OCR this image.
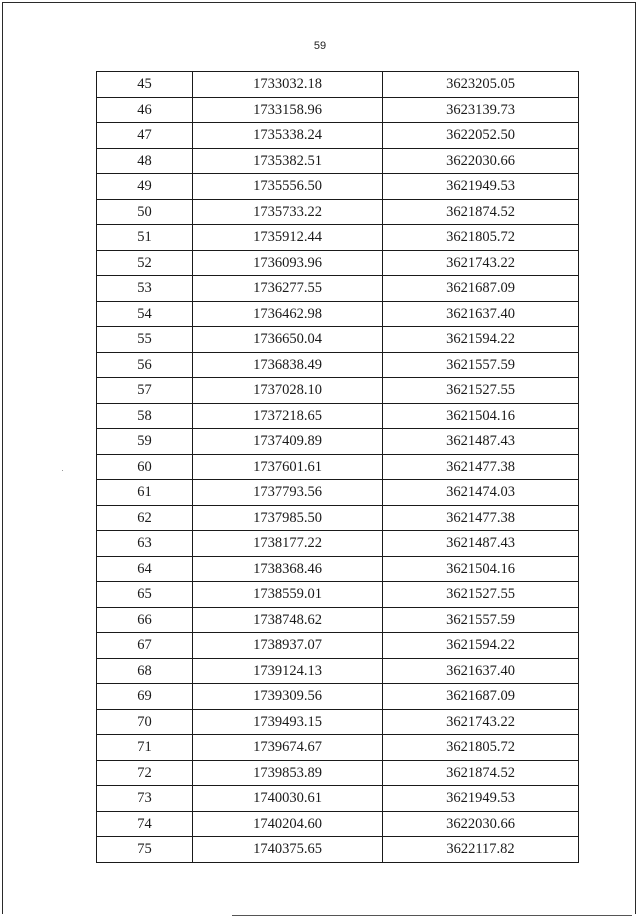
59
45	1733032.18	3623205.05
46	1733158.96	3623139.73
47	1735338.24	3622052.50
48	1735382.51	3622030.66
49	1735556.50	3621949.53
50	1735733.22	3621874.52
51	1735912.44	3621805.72
52	1736093.96	3621743.22
53	1736277.55	3621687.09
54	1736462.98	3621637.40
55	1736650.04	3621594.22
56	1736838.49	3621557.59
57	1737028.10	3621527.55
58	1737218.65	3621504.16
59	1737409.89	3621487.43
60	1737601.61	3621477.38
61	1737793.56	3621474.03
62	1737985.50	3621477.38
63	1738177.22	3621487.43
64	1738368.46	3621504.16
65	1738559.01	3621527.55
66	1738748.62	3621557.59
67	1738937.07	3621594.22
68	1739124.13	3621637.40
69	1739309.56	3621687.09
70	1739493.15	3621743.22
71	1739674.67	3621805.72
72	1739853.89	3621874.52
73	1740030.61	3621949.53
74	1740204.60	3622030.66
75	1740375.65	3622117.82
